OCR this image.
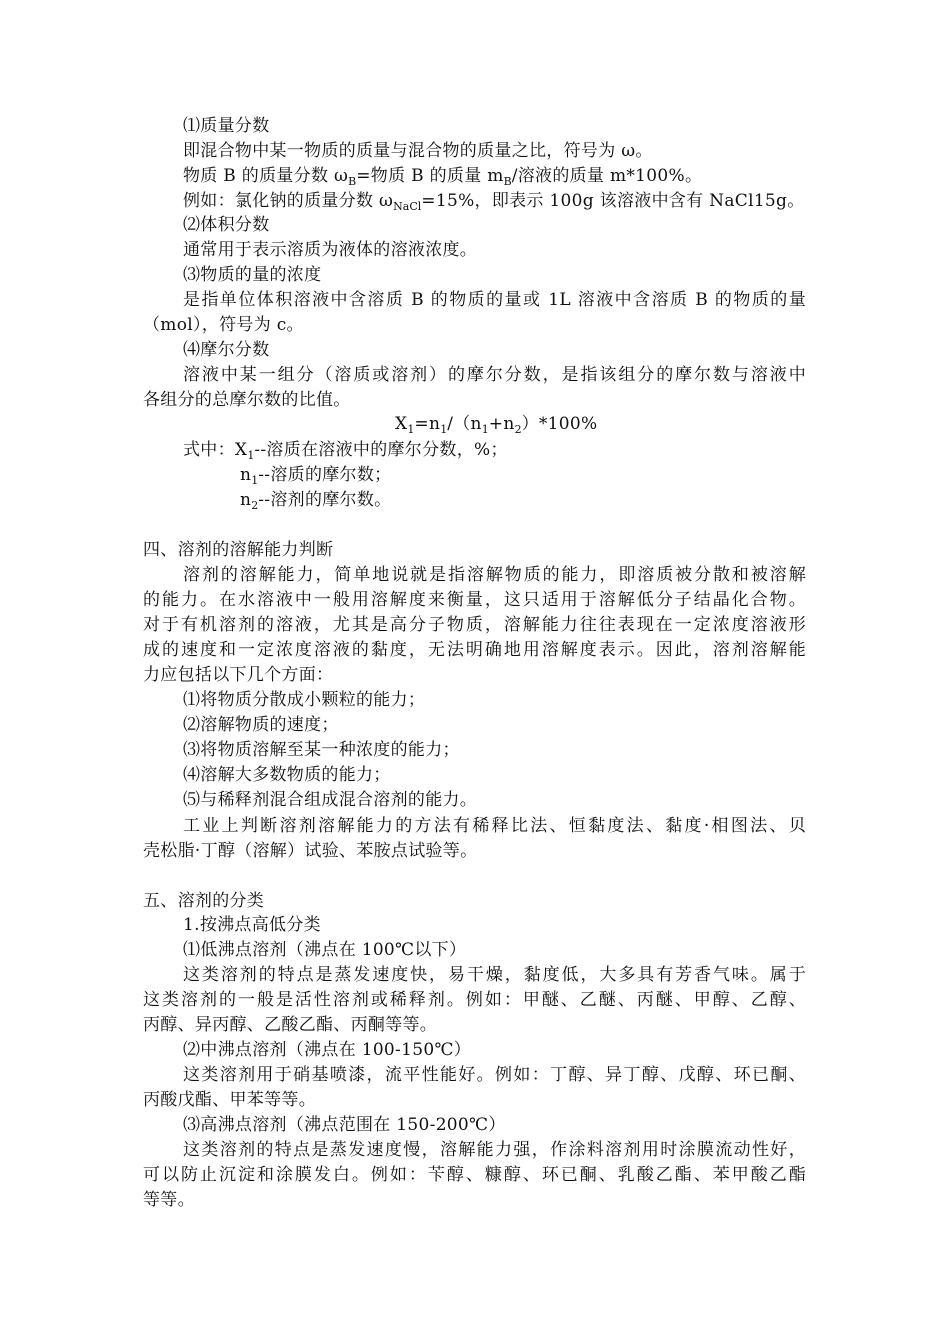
⑴质量分数
即混合物中某一物质的质量与混合物的质量之比，符号为 ω。
物质 B 的质量分数 $\omega_B=$物质 B 的质量 $m_B/$溶液的质量 m*100%。
例如：氯化钠的质量分数 $\omega_{NaCl}=15\%$，即表示 100g 该溶液中含有 NaCl15g。
⑵体积分数
通常用于表示溶质为液体的溶液浓度。
⑶物质的量的浓度
是指单位体积溶液中含溶质 B 的物质的量或 1L 溶液中含溶质 B 的物质的量
（mol），符号为 c。
⑷摩尔分数
溶液中某一组分（溶质或溶剂）的摩尔分数，是指该组分的摩尔数与溶液中
各组分的总摩尔数的比值。
$X_1=n_1/(n_1+n_2)*100\%$
式中：$X_1--$溶质在溶液中的摩尔分数，%；
$n_1--$溶质的摩尔数；
$n_2--$溶剂的摩尔数。
四、溶剂的溶解能力判断
溶剂的溶解能力，简单地说就是指溶解物质的能力，即溶质被分散和被溶解
的能力。在水溶液中一般用溶解度来衡量，这只适用于溶解低分子结晶化合物。
对于有机溶剂的溶液，尤其是高分子物质，溶解能力往往表现在一定浓度溶液形
成的速度和一定浓度溶液的黏度，无法明确地用溶解度表示。因此，溶剂溶解能
力应包括以下几个方面：
⑴将物质分散成小颗粒的能力；
⑵溶解物质的速度；
⑶将物质溶解至某一种浓度的能力；
⑷溶解大多数物质的能力；
⑸与稀释剂混合组成混合溶剂的能力。
工业上判断溶剂溶解能力的方法有稀释比法、恒黏度法、黏度·相图法、贝
壳松脂·丁醇（溶解）试验、苯胺点试验等。
五、溶剂的分类
1.按沸点高低分类
⑴低沸点溶剂（沸点在 100℃以下）
这类溶剂的特点是蒸发速度快，易干燥，黏度低，大多具有芳香气味。属于
这类溶剂的一般是活性溶剂或稀释剂。例如：甲醚、乙醚、丙醚、甲醇、乙醇、
丙醇、异丙醇、乙酸乙酯、丙酮等等。
⑵中沸点溶剂（沸点在 100-150℃）
这类溶剂用于硝基喷漆，流平性能好。例如：丁醇、异丁醇、戊醇、环已酮、
丙酸戊酯、甲苯等等。
⑶高沸点溶剂（沸点范围在 150-200℃）
这类溶剂的特点是蒸发速度慢，溶解能力强，作涂料溶剂用时涂膜流动性好，
可以防止沉淀和涂膜发白。例如：苄醇、糠醇、环已酮、乳酸乙酯、苯甲酸乙酯
等等。
